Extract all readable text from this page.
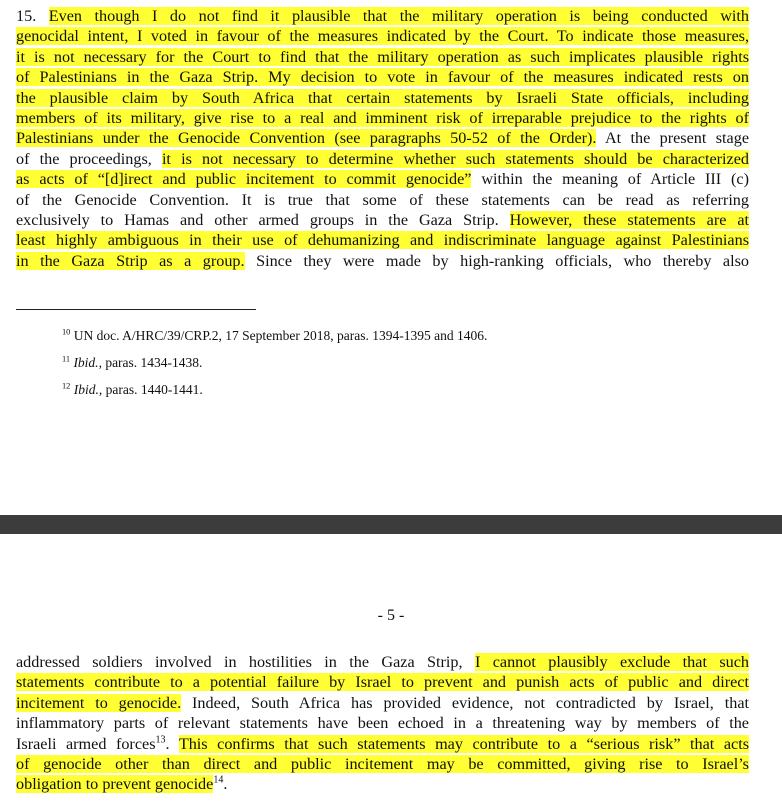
15. Even though I do not find it plausible that the military operation is being conducted with
genocidal intent, I voted in favour of the measures indicated by the Court. To indicate those measures,
it is not necessary for the Court to find that the military operation as such implicates plausible rights
of Palestinians in the Gaza Strip. My decision to vote in favour of the measures indicated rests on
the plausible claim by South Africa that certain statements by Israeli State officials, including
members of its military, give rise to a real and imminent risk of irreparable prejudice to the rights of
Palestinians under the Genocide Convention (see paragraphs 50-52 of the Order). At the present stage
of the proceedings, it is not necessary to determine whether such statements should be characterized
as acts of “[d]irect and public incitement to commit genocide” within the meaning of Article III (c)
of the Genocide Convention. It is true that some of these statements can be read as referring
exclusively to Hamas and other armed groups in the Gaza Strip. However, these statements are at
least highly ambiguous in their use of dehumanizing and indiscriminate language against Palestinians
in the Gaza Strip as a group. Since they were made by high-ranking officials, who thereby also
$^{10}$ UN doc. A/HRC/39/CRP.2, 17 September 2018, paras. 1394-1395 and 1406.
$^{11}$ Ibid., paras. 1434-1438.
$^{12}$ Ibid., paras. 1440-1441.
- 5 -
addressed soldiers involved in hostilities in the Gaza Strip, I cannot plausibly exclude that such
statements contribute to a potential failure by Israel to prevent and punish acts of public and direct
incitement to genocide. Indeed, South Africa has provided evidence, not contradicted by Israel, that
inflammatory parts of relevant statements have been echoed in a threatening way by members of the
Israeli armed forces$^{13}$. This confirms that such statements may contribute to a “serious risk” that acts
of genocide other than direct and public incitement may be committed, giving rise to Israel’s
obligation to prevent genocide$^{14}$.
